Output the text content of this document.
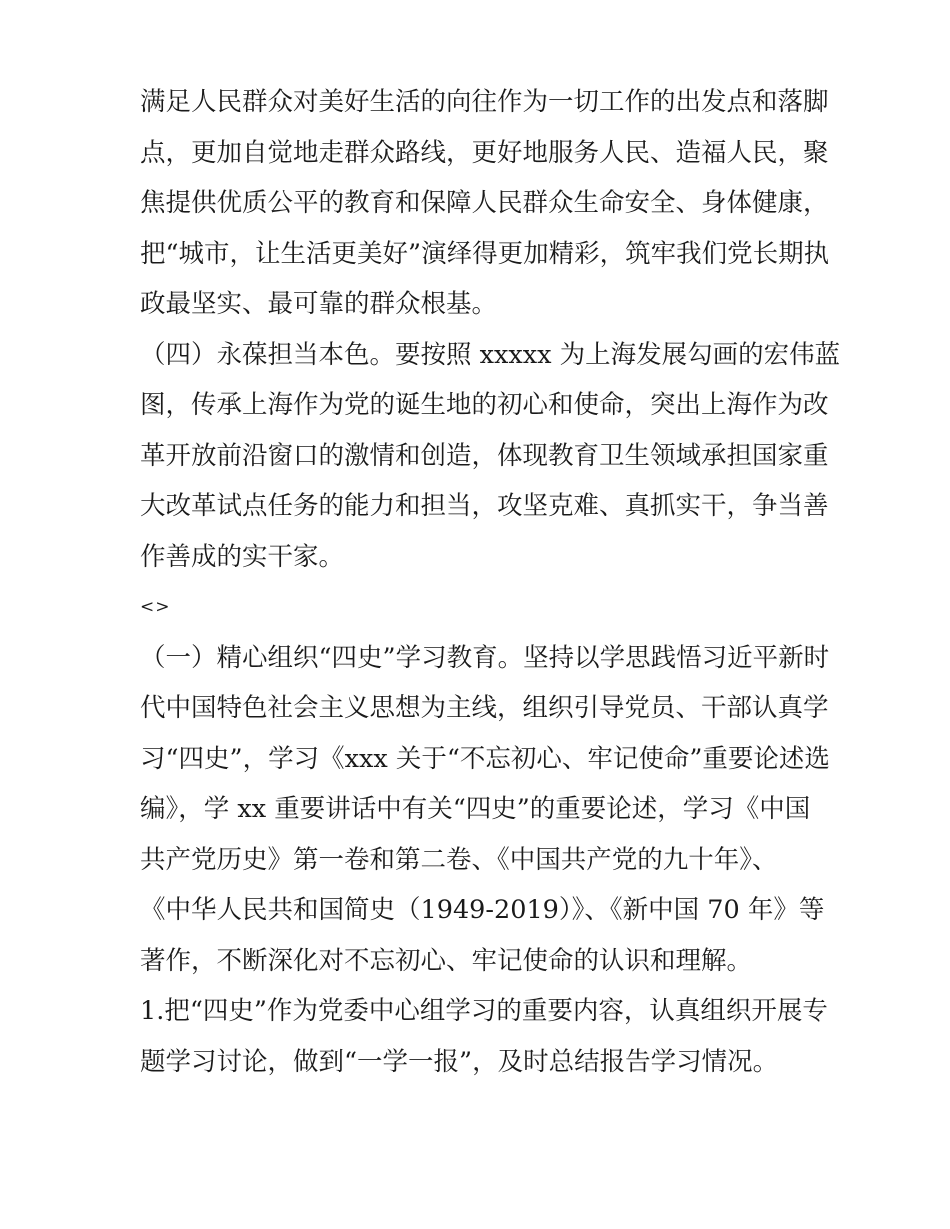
满足人民群众对美好生活的向往作为一切工作的出发点和落脚
点，更加自觉地走群众路线，更好地服务人民、造福人民，聚
焦提供优质公平的教育和保障人民群众生命安全、身体健康，
把“城市，让生活更美好”演绎得更加精彩，筑牢我们党长期执
政最坚实、最可靠的群众根基。
（四）永葆担当本色。要按照 xxxxx 为上海发展勾画的宏伟蓝
图，传承上海作为党的诞生地的初心和使命，突出上海作为改
革开放前沿窗口的激情和创造，体现教育卫生领域承担国家重
大改革试点任务的能力和担当，攻坚克难、真抓实干，争当善
作善成的实干家。
<>
（一）精心组织“四史”学习教育。坚持以学思践悟习近平新时
代中国特色社会主义思想为主线，组织引导党员、干部认真学
习“四史”，学习《xxx 关于“不忘初心、牢记使命”重要论述选
编》，学 xx 重要讲话中有关“四史”的重要论述，学习《中国
共产党历史》第一卷和第二卷、《中国共产党的九十年》、
《中华人民共和国简史（1949-2019）》、《新中国 70 年》等
著作，不断深化对不忘初心、牢记使命的认识和理解。
1.把“四史”作为党委中心组学习的重要内容，认真组织开展专
题学习讨论，做到“一学一报”，及时总结报告学习情况。
